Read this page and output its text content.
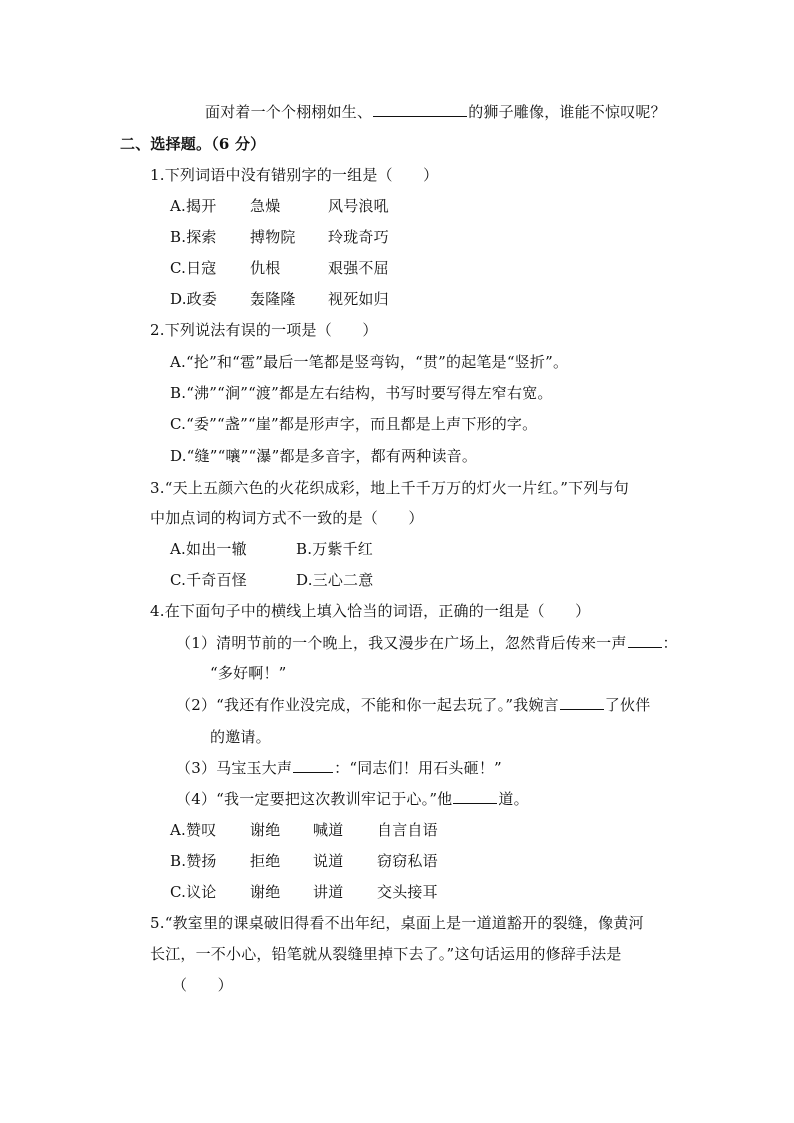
面对着一个个栩栩如生、	的狮子雕像，谁能不惊叹呢？
二、选择题。（6 分）
1.下列词语中没有错别字的一组是（　　）
A.揭开 急燥	风号浪吼
B.探索 搏物院 玲珑奇巧
C.日寇 仇根	艰强不屈
D.政委 轰隆隆 视死如归
2.下列说法有误的一项是（　　）
A.“抡”和“雹”最后一笔都是竖弯钩，“贯”的起笔是“竖折”。
B.“沸”“涧”“渡”都是左右结构，书写时要写得左窄右宽。
C.“委”“盏”“崖”都是形声字，而且都是上声下形的字。
D.“缝”“嚷”“瀑”都是多音字，都有两种读音。
3.“天上五颜六色的火花织成彩，地上千千万万的灯火一片红。”下列与句
中加点词的构词方式不一致的是（　　）
A.如出一辙	B.万紫千红
C.千奇百怪	D.三心二意
4.在下面句子中的横线上填入恰当的词语，正确的一组是（　　）
（1）清明节前的一个晚上，我又漫步在广场上，忽然背后传来一声 ：
“多好啊！”
（2）“我还有作业没完成，不能和你一起去玩了。”我婉言	了伙伴
的邀请。
（3）马宝玉大声	：“同志们！用石头砸！”
（4）“我一定要把这次教训牢记于心。”他	道。
A.赞叹 谢绝 喊道 自言自语
B.赞扬 拒绝 说道 窃窃私语
C.议论 谢绝 讲道 交头接耳
5.“教室里的课桌破旧得看不出年纪，桌面上是一道道豁开的裂缝，像黄河
长江，一不小心，铅笔就从裂缝里掉下去了。”这句话运用的修辞手法是
（　　）
